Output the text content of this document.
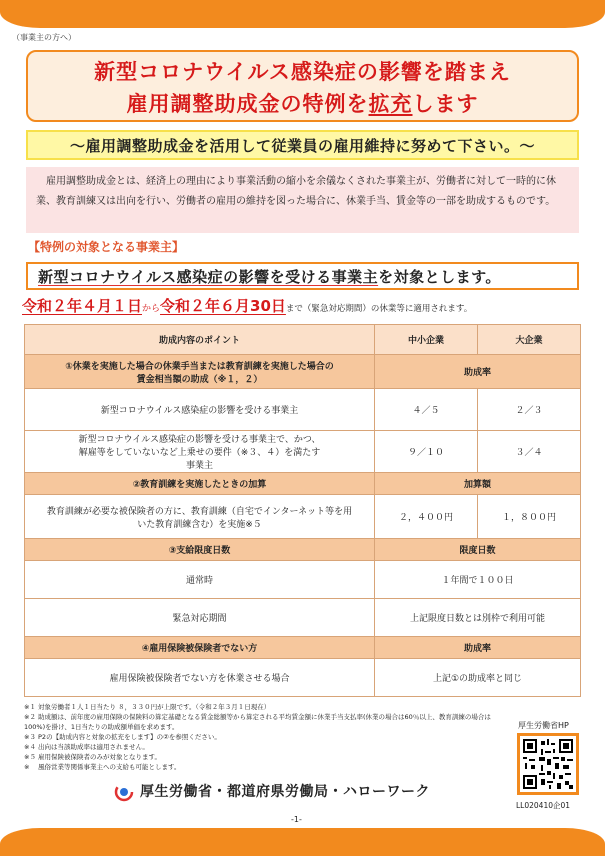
（事業主の方へ）
新型コロナウイルス感染症の影響を踏まえ
雇用調整助成金の特例を拡充します
～雇用調整助成金を活用して従業員の雇用維持に努めて下さい。～
　雇用調整助成金とは、経済上の理由により事業活動の縮小を余儀なくされた事業主が、労働者に対して一時的に休業、教育訓練又は出向を行い、労働者の雇用の維持を図った場合に、休業手当、賃金等の一部を助成するものです。
【特例の対象となる事業主】
新型コロナウイルス感染症の影響を受ける事業主 を対象とします。
令和２年４月１日から令和２年６月30日まで（緊急対応期間）の休業等に適用されます。
助成内容のポイント	中小企業	大企業
①休業を実施した場合の休業手当または教育訓練を実施した場合の賃金相当額の助成（※１，２）	助成率	
新型コロナウイルス感染症の影響を受ける事業主	４／５	２／３
新型コロナウイルス感染症の影響を受ける事業主で、かつ、解雇等をしていないなど上乗せの要件（※３、４）を満たす事業主	９／１０	３／４
②教育訓練を実施したときの加算	加算額	
教育訓練が必要な被保険者の方に、教育訓練（自宅でインターネット等を用いた教育訓練含む）を実施※５	２，４００円	１，８００円
③支給限度日数	限度日数	
通常時	１年間で１００日	
緊急対応期間	上記限度日数とは別枠で利用可能	
④雇用保険被保険者でない方	助成率	
雇用保険被保険者でない方を休業させる場合	上記①の助成率と同じ	
※１ 対象労働者１人１日当たり ８，３３０円が上限です。（令和２年３月１日現在）
※２ 助成額は、前年度の雇用保険の保険料の算定基礎となる賃金総額等から算定される平均賃金額に休業手当支払率(休業の場合は60％以上、教育訓練の場合は100%)を掛け、1日当たりの助成額単価を求めます。
※３ P2の【助成内容と対象の拡充をします】の②を参照ください。
※４ 出向は当該助成率は適用されません。
※５ 雇用保険被保険者のみが対象となります。
※　 風俗営業等関係事業主への支給も可能とします。
厚生労働省HP
LL020410企01
厚生労働省・都道府県労働局・ハローワーク
-1-
